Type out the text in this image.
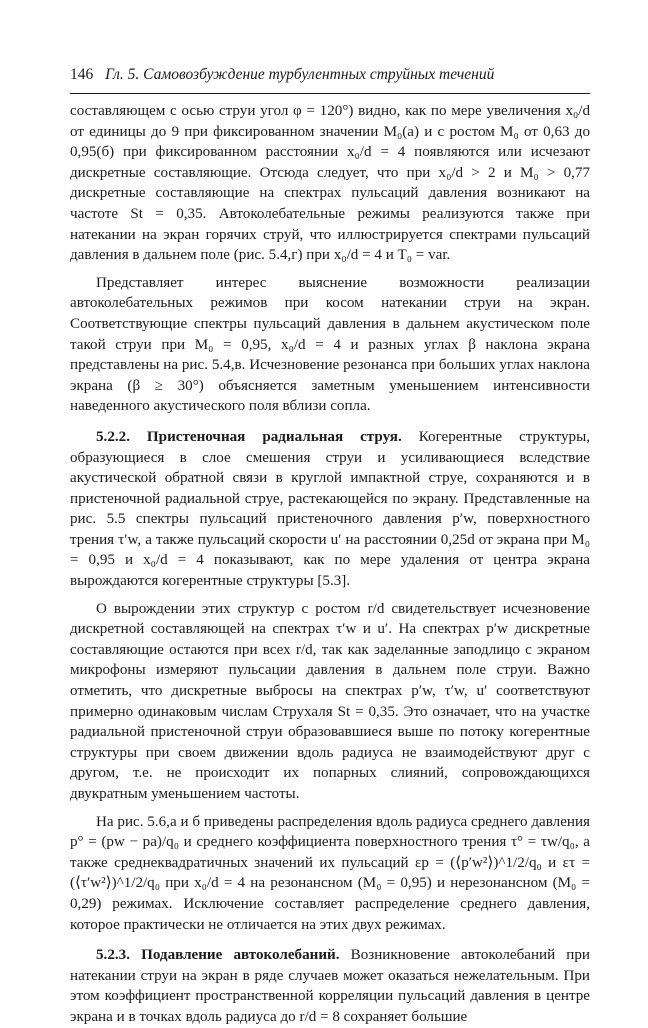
146 Гл. 5. Самовозбуждение турбулентных струйных течений

составляющем с осью струи угол φ = 120°) видно, как по мере увеличения x₀/d от единицы до 9 при фиксированном значении M₀(а) и с ростом M₀ от 0,63 до 0,95(б) при фиксированном расстоянии x₀/d = 4 появляются или исчезают дискретные составляющие. Отсюда следует, что при x₀/d > 2 и M₀ > 0,77 дискретные составляющие на спектрах пульсаций давления возникают на частоте St = 0,35. Автоколебательные режимы реализуются также при натекании на экран горячих струй, что иллюстрируется спектрами пульсаций давления в дальнем поле (рис. 5.4,г) при x₀/d = 4 и T₀ = var.

Представляет интерес выяснение возможности реализации автоколебательных режимов при косом натекании струи на экран. Соответствующие спектры пульсаций давления в дальнем акустическом поле такой струи при M₀ = 0,95, x₀/d = 4 и разных углах β наклона экрана представлены на рис. 5.4,в. Исчезновение резонанса при больших углах наклона экрана (β ≥ 30°) объясняется заметным уменьшением интенсивности наведенного акустического поля вблизи сопла.

5.2.2. Пристеночная радиальная струя. Когерентные структуры, образующиеся в слое смешения струи и усиливающиеся вследствие акустической обратной связи в круглой импактной струе, сохраняются и в пристеночной радиальной струе, растекающейся по экрану. Представленные на рис. 5.5 спектры пульсаций пристеночного давления p′w, поверхностного трения τ′w, а также пульсаций скорости u′ на расстоянии 0,25d от экрана при M₀ = 0,95 и x₀/d = 4 показывают, как по мере удаления от центра экрана вырождаются когерентные структуры [5.3].

О вырождении этих структур с ростом r/d свидетельствует исчезновение дискретной составляющей на спектрах τ′w и u′. На спектрах p′w дискретные составляющие остаются при всех r/d, так как заделанные заподлицо с экраном микрофоны измеряют пульсации давления в дальнем поле струи. Важно отметить, что дискретные выбросы на спектрах p′w, τ′w, u′ соответствуют примерно одинаковым числам Струхаля St = 0,35. Это означает, что на участке радиальной пристеночной струи образовавшиеся выше по потоку когерентные структуры при своем движении вдоль радиуса не взаимодействуют друг с другом, т.е. не происходит их попарных слияний, сопровождающихся двукратным уменьшением частоты.

На рис. 5.6,а и б приведены распределения вдоль радиуса среднего давления p° = (pw − pa)/q₀ и среднего коэффициента поверхностного трения τ° = τw/q₀, а также среднеквадратичных значений их пульсаций εp = (⟨p′w²⟩)^1/2/q₀ и ετ = (⟨τ′w²⟩)^1/2/q₀ при x₀/d = 4 на резонансном (M₀ = 0,95) и нерезонансном (M₀ = 0,29) режимах. Исключение составляет распределение среднего давления, которое практически не отличается на этих двух режимах.

5.2.3. Подавление автоколебаний. Возникновение автоколебаний при натекании струи на экран в ряде случаев может оказаться нежелательным. При этом коэффициент пространственной корреляции пульсаций давления в центре экрана и в точках вдоль радиуса до r/d = 8 сохраняет большие
